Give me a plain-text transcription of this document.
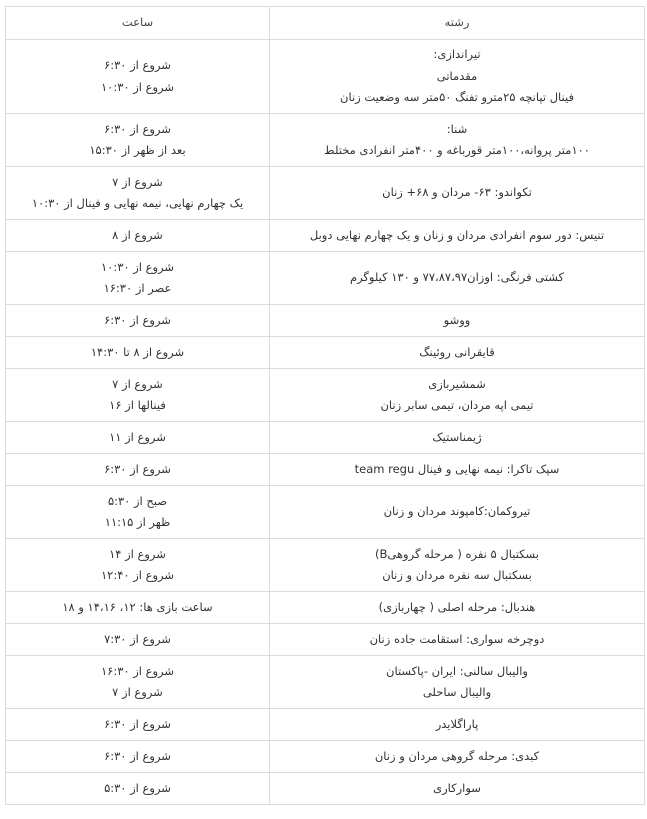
رشته	ساعت

تیراندازی:
مقدماتی
فینال تپانچه ۲۵مترو تفنگ ۵۰متر سه وضعیت زنان	شروع از ۶:۳۰
شروع از ۱۰:۳۰

شنا:
۱۰۰متر پروانه،۱۰۰متر قورباغه و ۴۰۰متر انفرادی مختلط	شروع از ۶:۳۰
بعد از ظهر از ۱۵:۳۰

تکواندو: ۶۳- مردان و ۶۸+ زنان	شروع از ۷
یک چهارم نهایی، نیمه نهایی و فینال از ۱۰:۳۰

تنیس: دور سوم انفرادی مردان و زنان و یک چهارم نهایی دوبل	شروع از ۸

کشتی فرنگی: اوزان۷۷،۸۷،۹۷ و ۱۳۰ کیلوگرم	شروع از ۱۰:۳۰
عصر از ۱۶:۳۰

ووشو	شروع از ۶:۳۰

قایقرانی روئینگ	شروع از ۸ تا ۱۴:۳۰

شمشیربازی
تیمی اپه مردان، تیمی سابر زنان	شروع از ۷
فینالها از ۱۶

ژیمناستیک	شروع از ۱۱

سپک تاکرا: نیمه نهایی و فینال team regu	شروع از ۶:۳۰

تیروکمان:کامپوند مردان و زنان	صبح از ۵:۳۰
ظهر از ۱۱:۱۵

بسکتبال ۵ نفره ( مرحله گروهیB)
بسکتبال سه نفره مردان و زنان	شروع از ۱۴
شروع از ۱۲:۴۰

هندبال: مرحله اصلی ( چهاربازی)	ساعت بازی ها: ۱۲، ۱۴،۱۶ و ۱۸

دوچرخه سواری: استقامت جاده زنان	شروع از ۷:۳۰

والیبال سالنی: ایران -پاکستان
والیبال ساحلی	شروع از ۱۶:۳۰
شروع از ۷

پاراگلایدر	شروع از ۶:۳۰

کبدی: مرحله گروهی مردان و زنان	شروع از ۶:۳۰

سوارکاری	شروع از ۵:۳۰
